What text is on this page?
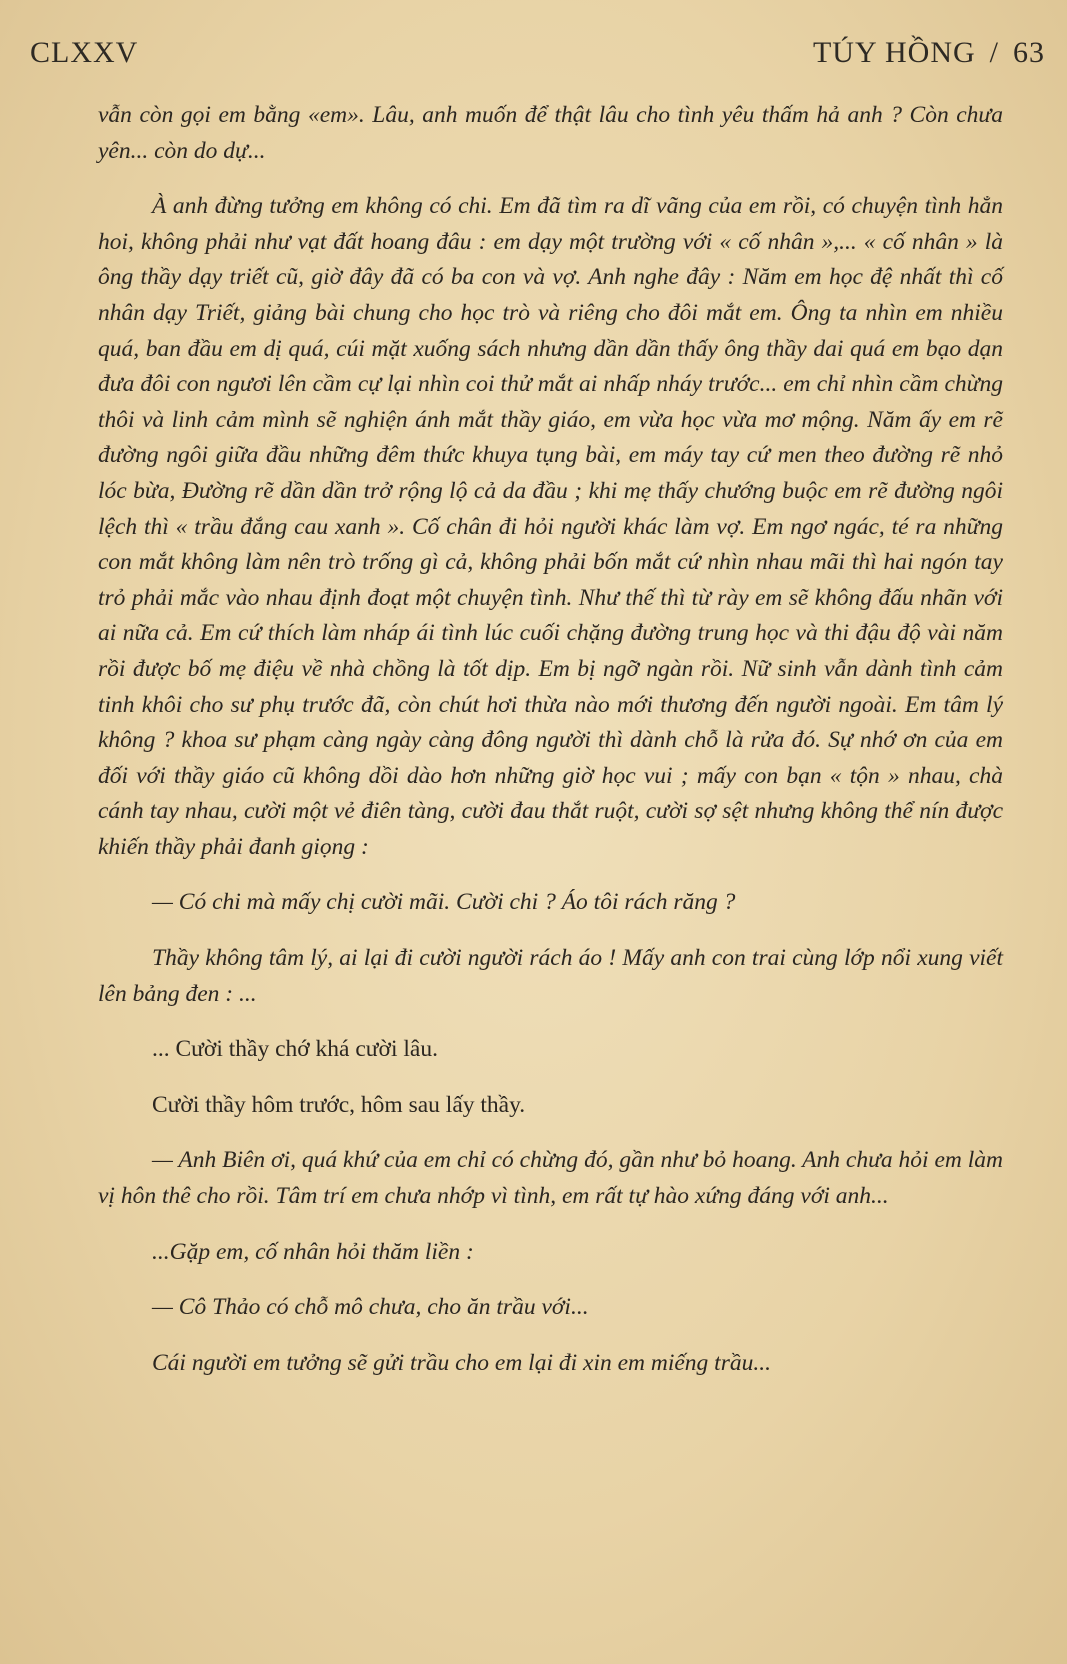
CLXXV	TÚY HỒNG / 63

vẫn còn gọi em bằng «em». Lâu, anh muốn để thật lâu cho tình yêu thấm hả anh ? Còn chưa yên... còn do dự...

À anh đừng tưởng em không có chi. Em đã tìm ra dĩ vãng của em rồi, có chuyện tình hẳn hoi, không phải như vạt đất hoang đâu : em dạy một trường với « cố nhân »,... « cố nhân » là ông thầy dạy triết cũ, giờ đây đã có ba con và vợ. Anh nghe đây : Năm em học đệ nhất thì cố nhân dạy Triết, giảng bài chung cho học trò và riêng cho đôi mắt em. Ông ta nhìn em nhiều quá, ban đầu em dị quá, cúi mặt xuống sách nhưng dần dần thấy ông thầy dai quá em bạo dạn đưa đôi con ngươi lên cầm cự lại nhìn coi thử mắt ai nhấp nháy trước... em chỉ nhìn cầm chừng thôi và linh cảm mình sẽ nghiện ánh mắt thầy giáo, em vừa học vừa mơ mộng. Năm ấy em rẽ đường ngôi giữa đầu những đêm thức khuya tụng bài, em máy tay cứ men theo đường rẽ nhỏ lóc bừa, Đường rẽ dần dần trở rộng lộ cả da đầu ; khi mẹ thấy chướng buộc em rẽ đường ngôi lệch thì « trầu đắng cau xanh ». Cố chân đi hỏi người khác làm vợ. Em ngơ ngác, té ra những con mắt không làm nên trò trống gì cả, không phải bốn mắt cứ nhìn nhau mãi thì hai ngón tay trỏ phải mắc vào nhau định đoạt một chuyện tình. Như thế thì từ rày em sẽ không đấu nhãn với ai nữa cả. Em cứ thích làm nháp ái tình lúc cuối chặng đường trung học và thi đậu độ vài năm rồi được bố mẹ điệu về nhà chồng là tốt dịp. Em bị ngỡ ngàn rồi. Nữ sinh vẫn dành tình cảm tinh khôi cho sư phụ trước đã, còn chút hơi thừa nào mới thương đến người ngoài. Em tâm lý không ? khoa sư phạm càng ngày càng đông người thì dành chỗ là rửa đó. Sự nhớ ơn của em đối với thầy giáo cũ không dồi dào hơn những giờ học vui ; mấy con bạn « tộn » nhau, chà cánh tay nhau, cười một vẻ điên tàng, cười đau thắt ruột, cười sợ sệt nhưng không thể nín được khiến thầy phải đanh giọng :

— Có chi mà mấy chị cười mãi. Cười chi ? Áo tôi rách răng ?

Thầy không tâm lý, ai lại đi cười người rách áo ! Mấy anh con trai cùng lớp nổi xung viết lên bảng đen : ...

... Cười thầy chớ khá cười lâu.

Cười thầy hôm trước, hôm sau lấy thầy.

— Anh Biên ơi, quá khứ của em chỉ có chừng đó, gần như bỏ hoang. Anh chưa hỏi em làm vị hôn thê cho rồi. Tâm trí em chưa nhớp vì tình, em rất tự hào xứng đáng với anh...

...Gặp em, cố nhân hỏi thăm liền :

— Cô Thảo có chỗ mô chưa, cho ăn trầu với...

Cái người em tưởng sẽ gửi trầu cho em lại đi xin em miếng trầu...
